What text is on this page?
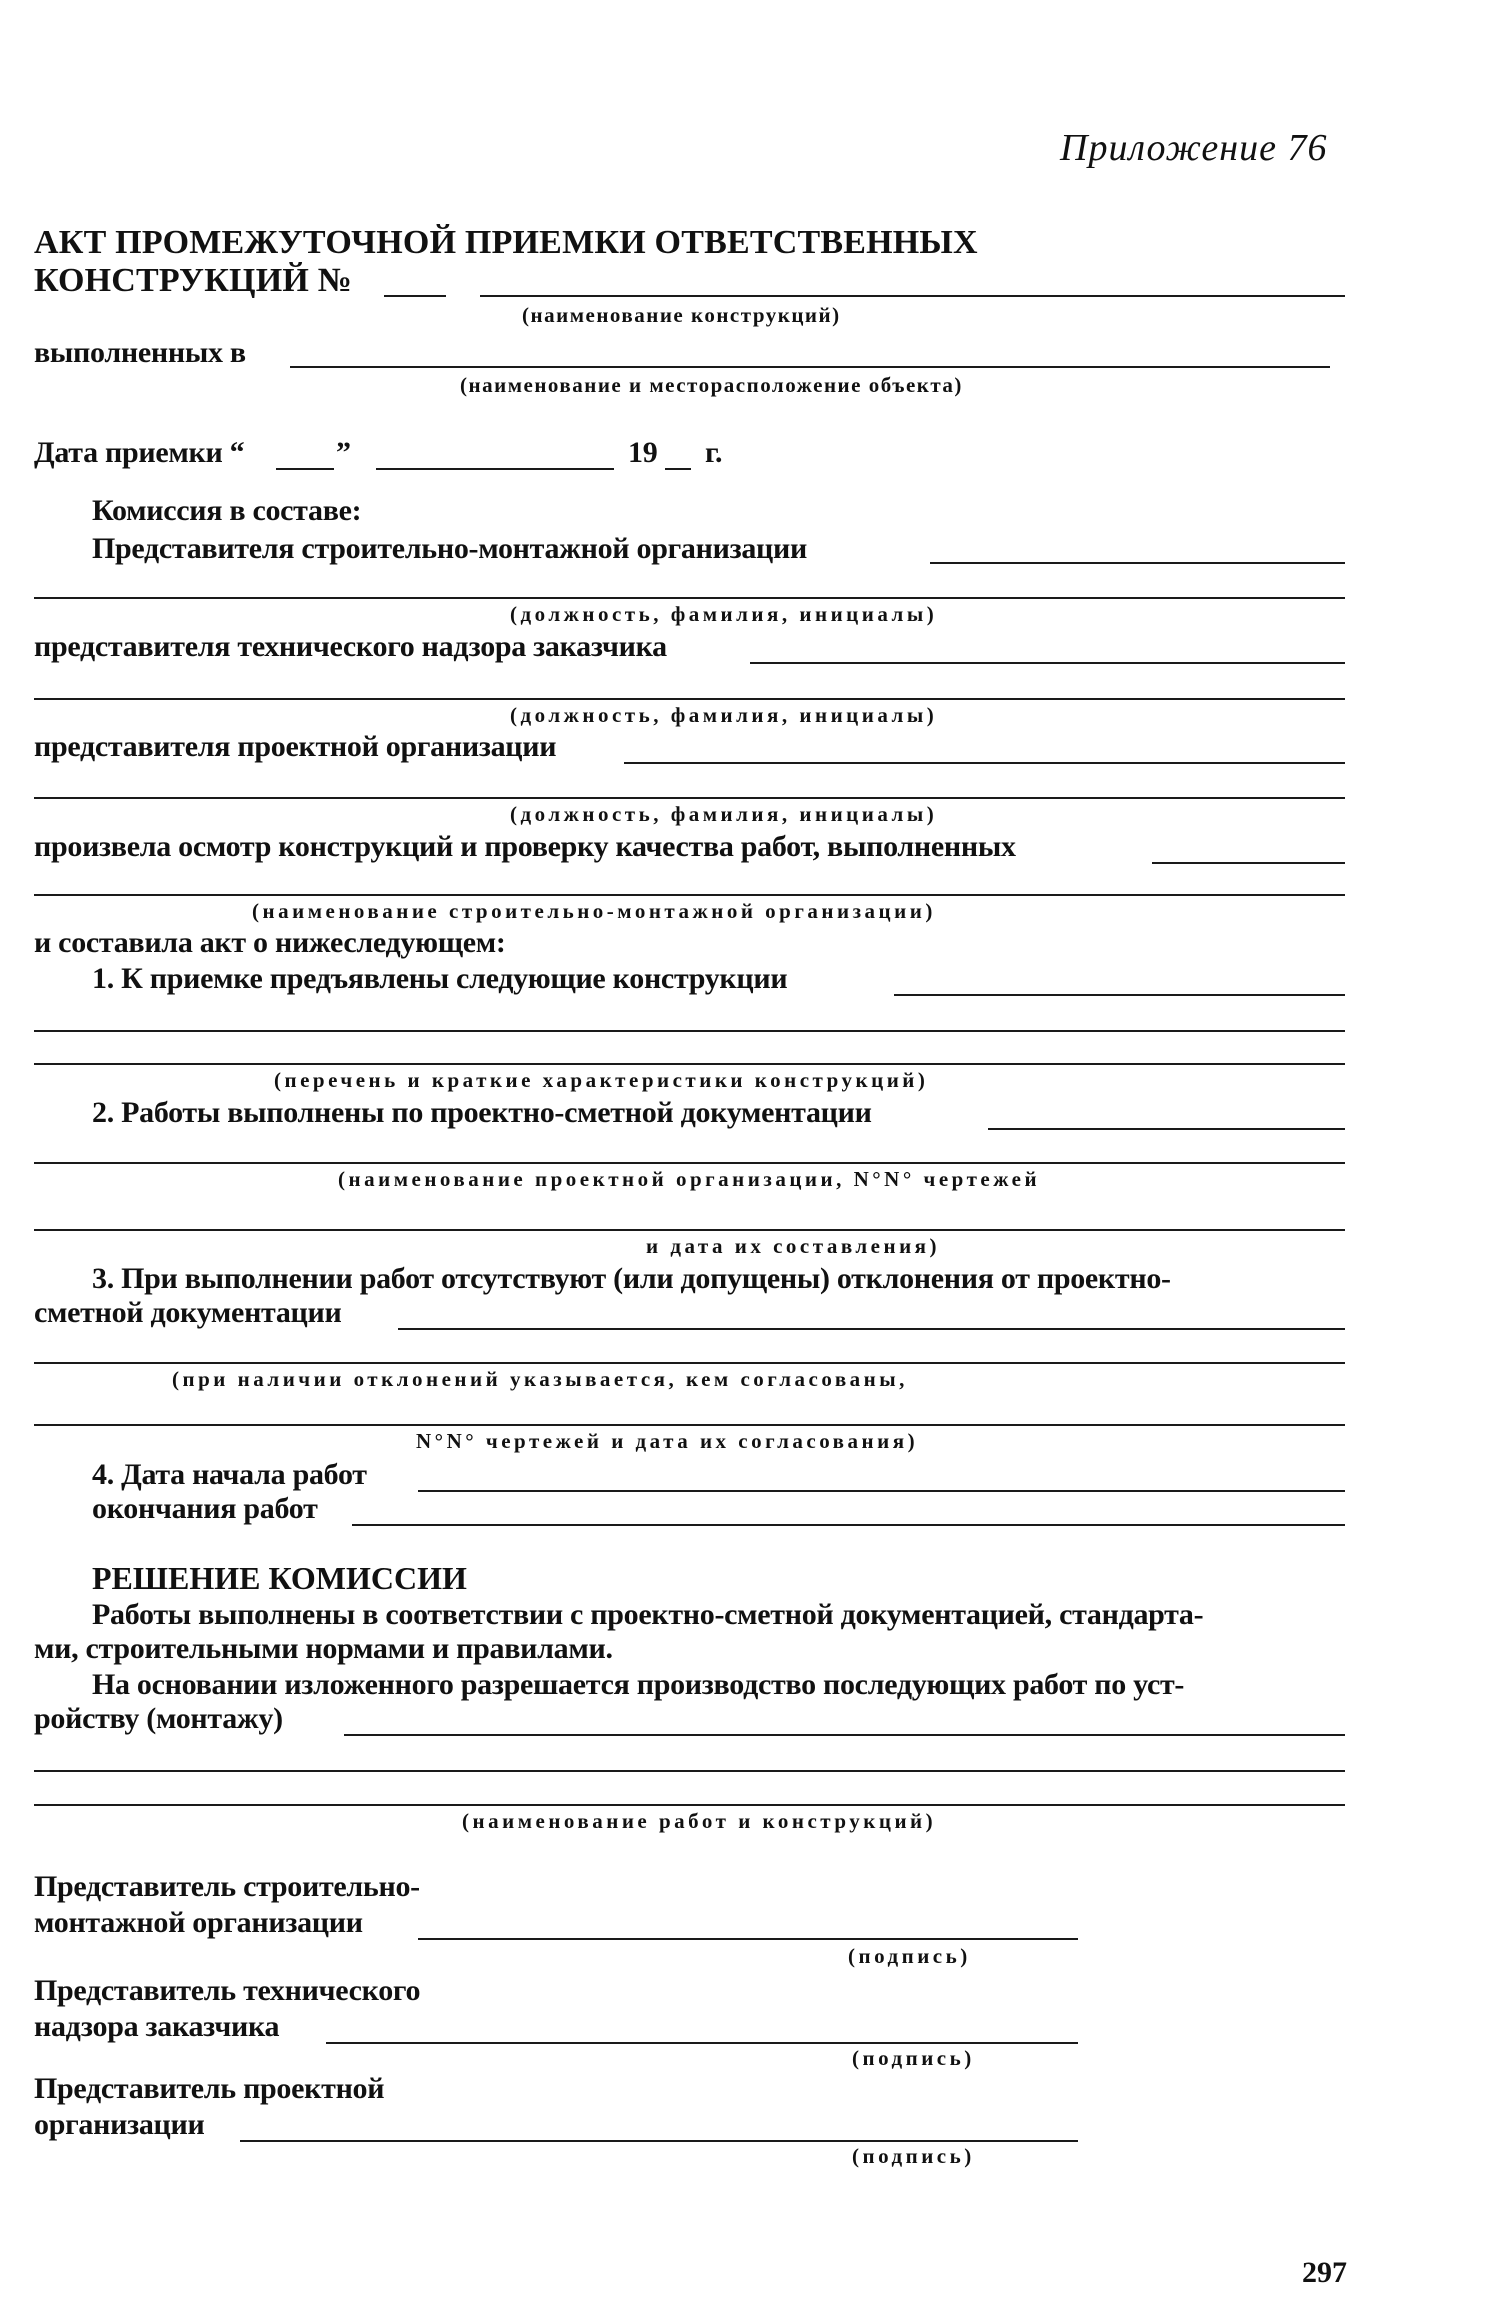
Приложение 76
АКТ ПРОМЕЖУТОЧНОЙ ПРИЕМКИ ОТВЕТСТВЕННЫХ
КОНСТРУКЦИЙ №
(наименование конструкций)
выполненных в
(наименование и месторасположение объекта)
Дата приемки “	”	19 г.
Комиссия в составе:
Представителя строительно-монтажной организации
(должность, фамилия, инициалы)
представителя технического надзора заказчика
(должность, фамилия, инициалы)
представителя проектной организации
(должность, фамилия, инициалы)
произвела осмотр конструкций и проверку качества работ, выполненных
(наименование строительно-монтажной организации)
и составила акт о нижеследующем:
1. К приемке предъявлены следующие конструкции
(перечень и краткие характеристики конструкций)
2. Работы выполнены по проектно-сметной документации
(наименование проектной организации, N°N° чертежей
и дата их составления)
3. При выполнении работ отсутствуют (или допущены) отклонения от проектно-
сметной документации
(при наличии отклонений указывается, кем согласованы,
N°N° чертежей и дата их согласования)
4. Дата начала работ
окончания работ
РЕШЕНИЕ КОМИССИИ
Работы выполнены в соответствии с проектно-сметной документацией, стандарта-
ми, строительными нормами и правилами.
На основании изложенного разрешается производство последующих работ по уст-
ройству (монтажу)
(наименование работ и конструкций)
Представитель строительно-
монтажной организации
(подпись)
Представитель технического
надзора заказчика
(подпись)
Представитель проектной
организации
(подпись)
297
